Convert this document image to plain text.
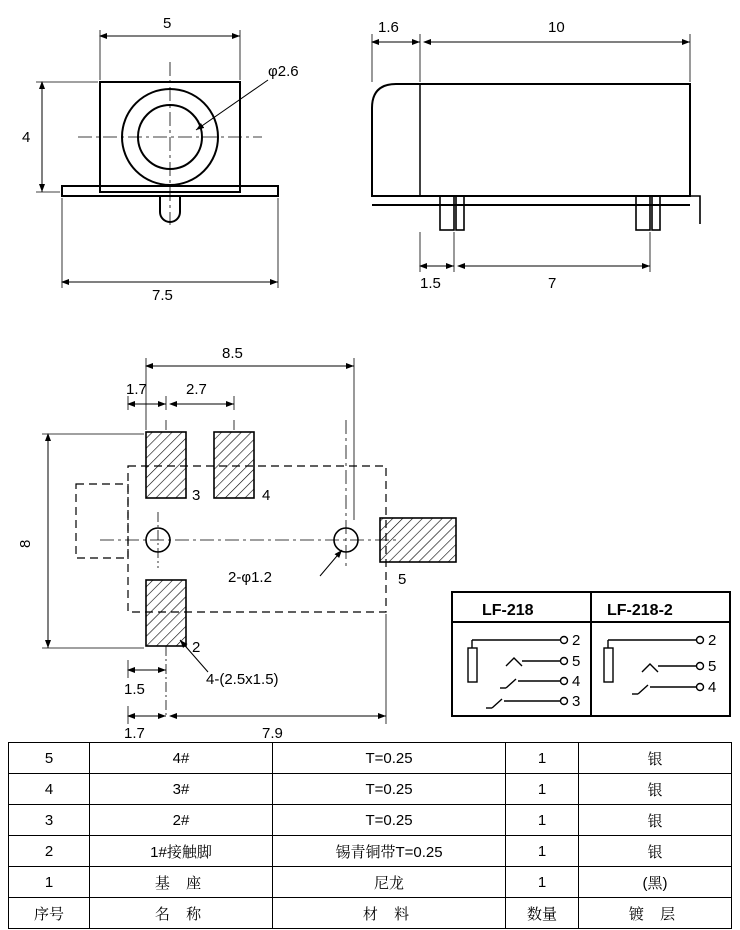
5
4
φ2.6
7.5
1.6	10
1.5	7
8.5
1.7	2.7
8
3	4
5
2
2-φ1.2
4-(2.5x1.5)
1.5
1.7	7.9
LF-218	LF-218-2
2
5
4
3
2
5
4
5	4#	T=0.25	1	银
4	3#	T=0.25	1	银
3	2#	T=0.25	1	银
2	1#接触脚	锡青铜带T=0.25	1	银
1	基 座	尼龙	1	(黑)
序号	名 称	材 料	数量	镀 层
